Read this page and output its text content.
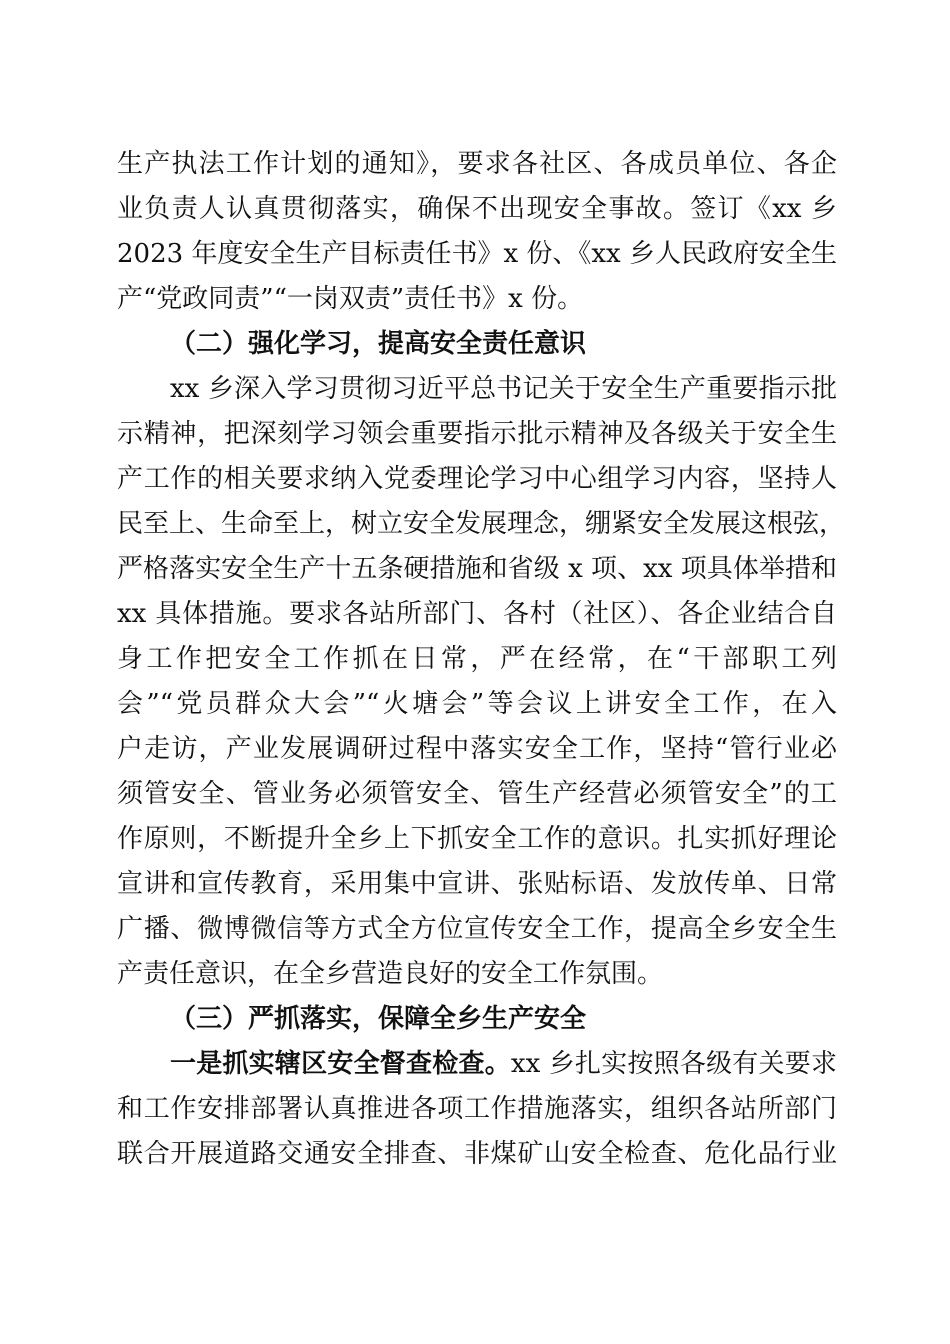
生产执法工作计划的通知》，要求各社区、各成员单位、各企
业负责人认真贯彻落实，确保不出现安全事故。签订《xx 乡
2023 年度安全生产目标责任书》x 份、《xx 乡人民政府安全生
产“党政同责”“一岗双责”责任书》x 份。
（二）强化学习，提高安全责任意识
xx 乡深入学习贯彻习近平总书记关于安全生产重要指示批
示精神，把深刻学习领会重要指示批示精神及各级关于安全生
产工作的相关要求纳入党委理论学习中心组学习内容，坚持人
民至上、生命至上，树立安全发展理念，绷紧安全发展这根弦，
严格落实安全生产十五条硬措施和省级 x 项、xx 项具体举措和
xx 具体措施。要求各站所部门、各村（社区）、各企业结合自
身工作把安全工作抓在日常，严在经常，在“干部职工列
会”“党员群众大会”“火塘会”等会议上讲安全工作，在入
户走访，产业发展调研过程中落实安全工作，坚持“管行业必
须管安全、管业务必须管安全、管生产经营必须管安全”的工
作原则，不断提升全乡上下抓安全工作的意识。扎实抓好理论
宣讲和宣传教育，采用集中宣讲、张贴标语、发放传单、日常
广播、微博微信等方式全方位宣传安全工作，提高全乡安全生
产责任意识，在全乡营造良好的安全工作氛围。
（三）严抓落实，保障全乡生产安全
一是抓实辖区安全督查检查。xx 乡扎实按照各级有关要求
和工作安排部署认真推进各项工作措施落实，组织各站所部门
联合开展道路交通安全排查、非煤矿山安全检查、危化品行业
